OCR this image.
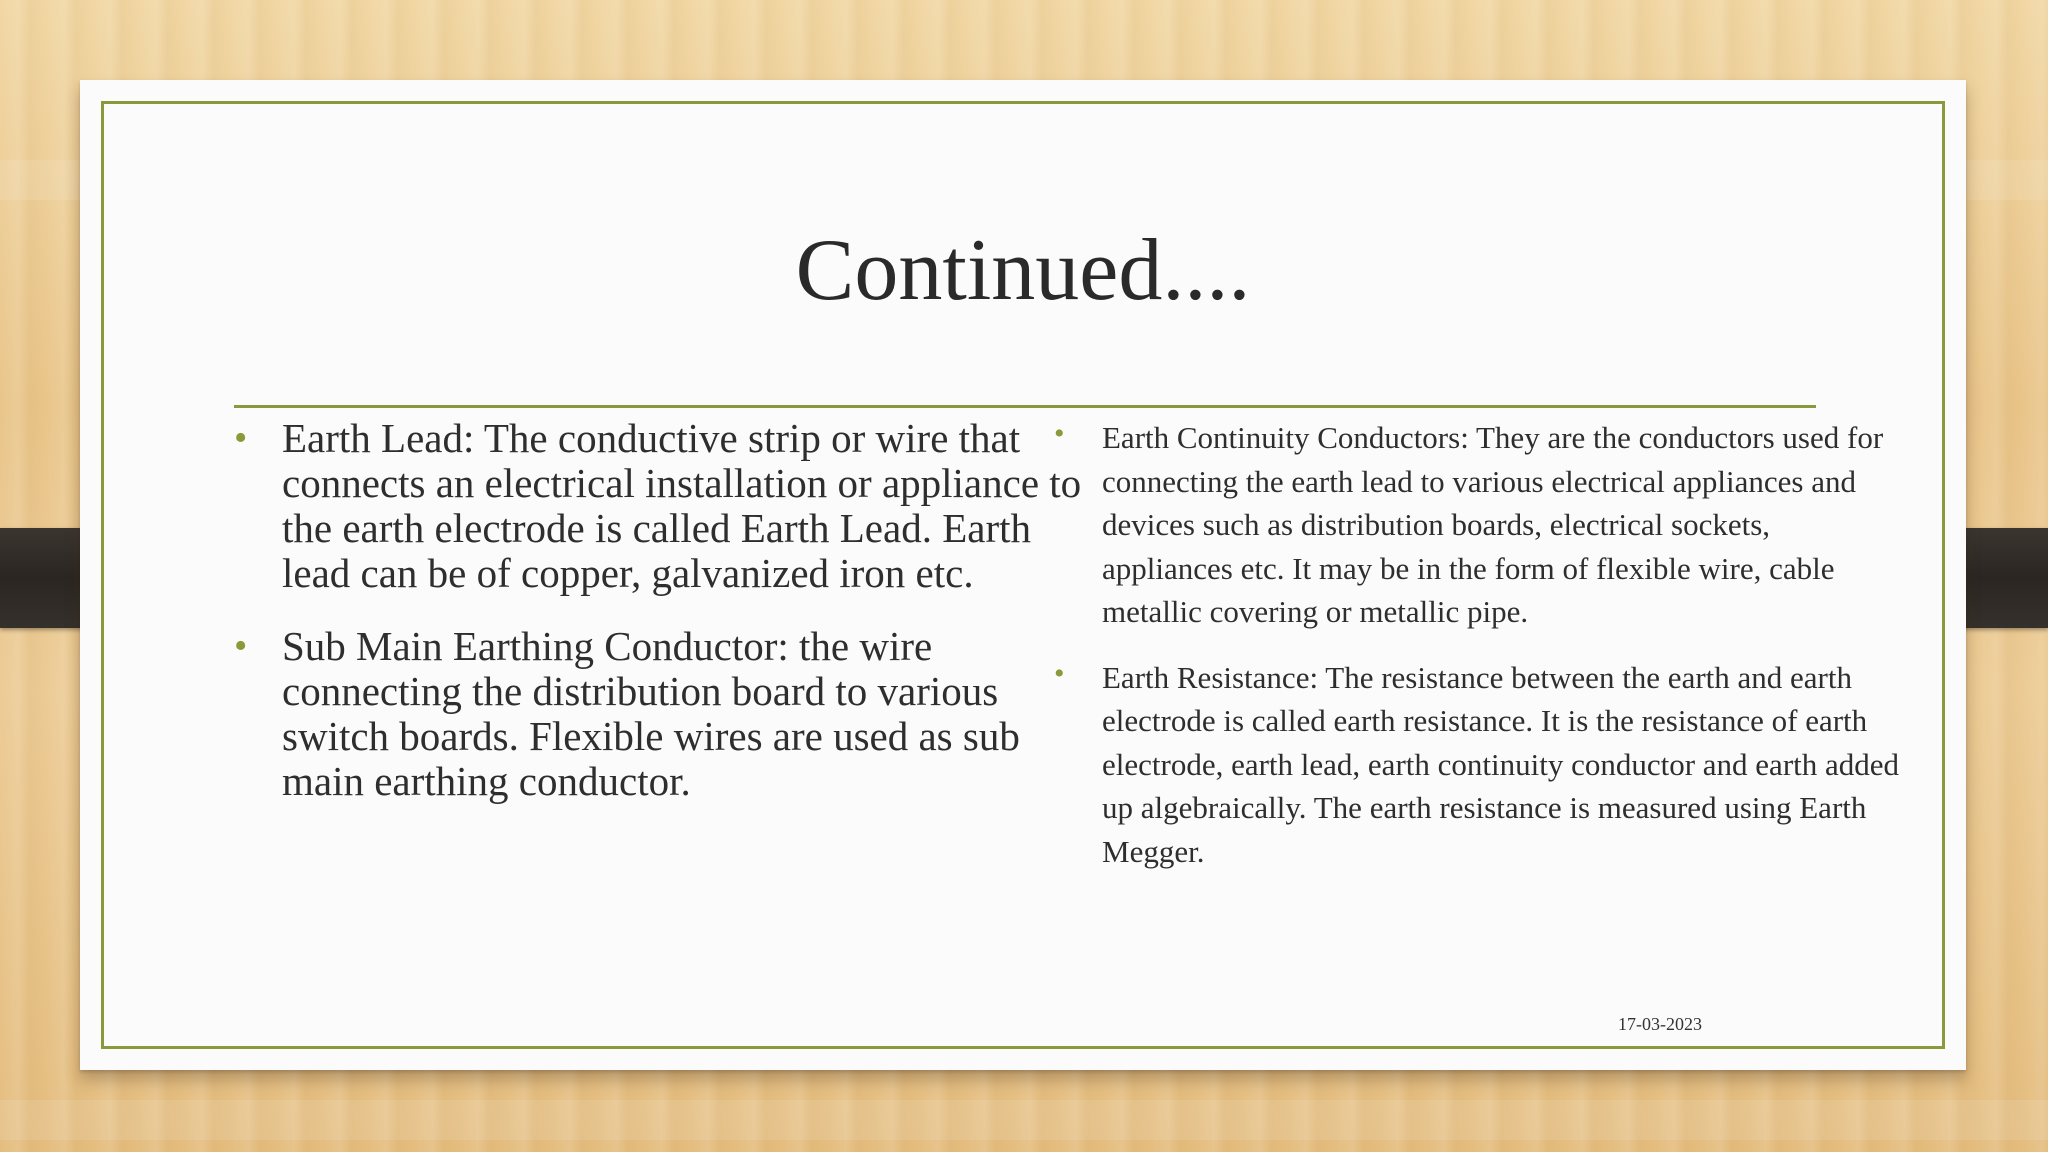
Continued....
• Earth Lead: The conductive strip or wire that connects an electrical installation or appliance to the earth electrode is called Earth Lead. Earth lead can be of copper, galvanized iron etc.
• Sub Main Earthing Conductor: the wire connecting the distribution board to various switch boards. Flexible wires are used as sub main earthing conductor.
• Earth Continuity Conductors: They are the conductors used for connecting the earth lead to various electrical appliances and devices such as distribution boards, electrical sockets, appliances etc. It may be in the form of flexible wire, cable metallic covering or metallic pipe.
• Earth Resistance: The resistance between the earth and earth electrode is called earth resistance. It is the resistance of earth electrode, earth lead, earth continuity conductor and earth added up algebraically. The earth resistance is measured using Earth Megger.
17-03-2023
